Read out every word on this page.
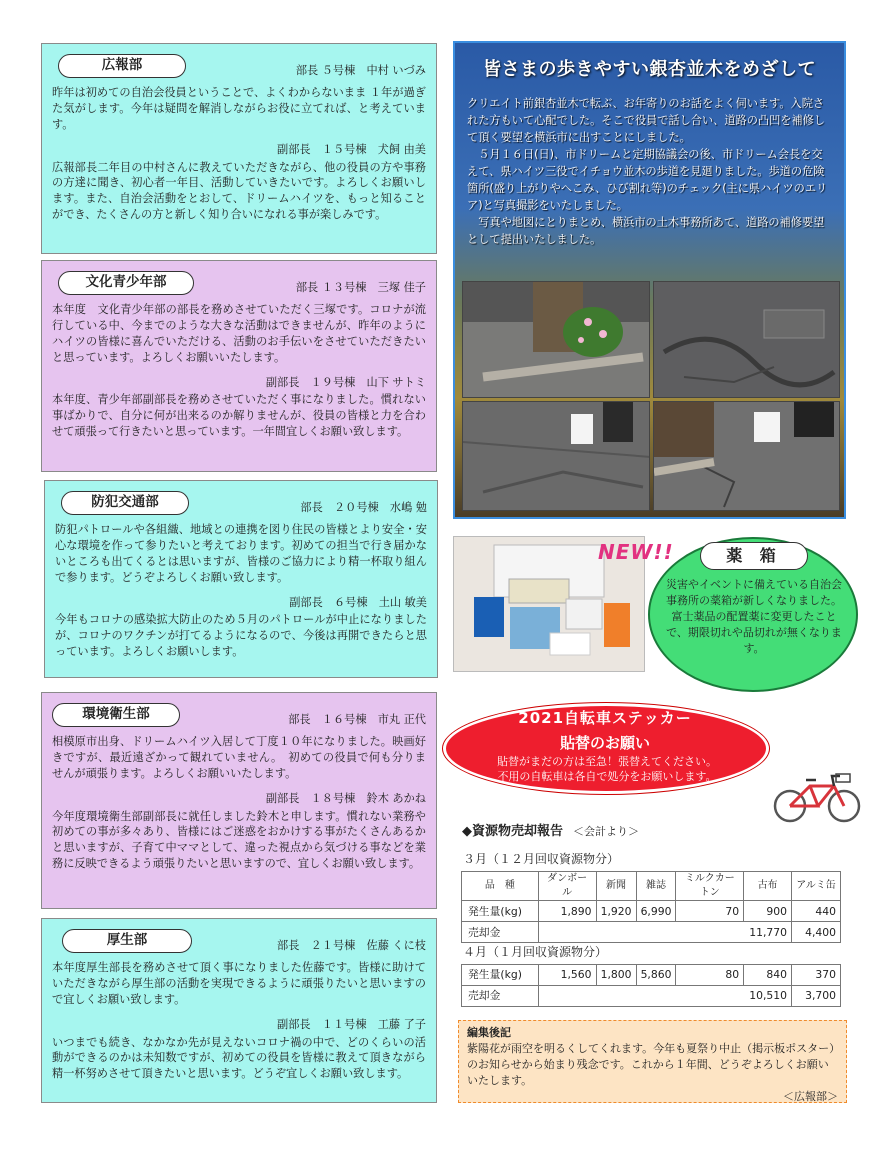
広報部	部長 ５号棟　中村 いづみ
昨年は初めての自治会役員ということで、よくわからないまま １年が過ぎた気がします。今年は疑問を解消しながらお役に立てれば、と考えています。
副部長　１５号棟　犬飼 由美
広報部長二年目の中村さんに教えていただきながら、他の役員の方や事務の方達に聞き、初心者一年目、活動していきたいです。よろしくお願いします。また、自治会活動をとおして、ドリームハイツを、もっと知ることができ、たくさんの方と新しく知り合いになれる事が楽しみです。
文化青少年部	部長 １３号棟　三塚 佳子
本年度　文化青少年部の部長を務めさせていただく三塚です。コロナが流行している中、今までのような大きな活動はできませんが、昨年のようにハイツの皆様に喜んでいただける、活動のお手伝いをさせていただきたいと思っています。よろしくお願いいたします。
副部長　１９号棟　山下 サトミ
本年度、青少年部副部長を務めさせていただく事になりました。慣れない事ばかりで、自分に何が出来るのか解りませんが、役員の皆様と力を合わせて頑張って行きたいと思っています。一年間宜しくお願い致します。
防犯交通部	部長　２０号棟　水嶋 勉
防犯パトロールや各組織、地域との連携を図り住民の皆様とより安全・安心な環境を作って参りたいと考えております。初めての担当で行き届かないところも出てくるとは思いますが、皆様のご協力により精一杯取り組んで参ります。どうぞよろしくお願い致します。
副部長　６号棟　土山 敏美
今年もコロナの感染拡大防止のため５月のパトロールが中止になりましたが、コロナのワクチンが打てるようになるので、今後は再開できたらと思っています。よろしくお願いします。
環境衛生部	部長　１６号棟　市丸 正代
相模原市出身、ドリームハイツ入居して丁度１０年になりました。映画好きですが、最近遠ざかって観れていません。　初めての役員で何も分りませんが頑張ります。よろしくお願いいたします。
副部長　１８号棟　鈴木 あかね
今年度環境衛生部副部長に就任しました鈴木と申します。慣れない業務や初めての事が多々あり、皆様にはご迷惑をおかけする事がたくさんあるかと思いますが、子育て中ママとして、違った視点から気づける事などを業務に反映できるよう頑張りたいと思いますので、宜しくお願い致します。
厚生部	部長　２１号棟　佐藤 くに枝
本年度厚生部長を務めさせて頂く事になりました佐藤です。皆様に助けていただきながら厚生部の活動を実現できるように頑張りたいと思いますので宜しくお願い致します。
副部長　１１号棟　工藤 了子
いつまでも続き、なかなか先が見えないコロナ禍の中で、どのくらいの活動ができるのかは未知数ですが、初めての役員を皆様に教えて頂きながら精一杯努めさせて頂きたいと思います。どうぞ宜しくお願い致します。
皆さまの歩きやすい銀杏並木をめざして

クリエイト前銀杏並木で転ぶ、お年寄りのお話をよく伺います。入院された方もいて心配でした。そこで役員で話し合い、道路の凸凹を補修して頂く要望を横浜市に出すことにしました。

　５月１６日(日)、市ドリームと定期協議会の後、市ドリーム会長を交えて、県ハイツ三役でイチョウ並木の歩道を見廻りました。歩道の危険箇所(盛り上がりやへこみ、ひび割れ等)のチェック(主に県ハイツのエリア)と写真撮影をいたしました。

　写真や地図にとりまとめ、横浜市の土木事務所あて、道路の補修要望として提出いたしました。

NEW!!	薬 箱
災害やイベントに備えている自治会事務所の薬箱が新しくなりました。富士薬品の配置薬に変更したことで、期限切れや品切れが無くなります。
2021自転車ステッカー
貼替のお願い
貼替がまだの方は至急！張替えてください。
不用の自転車は各自で処分をお願いします。
◆資源物売却報告 ＜会計より＞
３月（１２月回収資源物分）
品　種	ダンボール	新聞	雑誌	ミルクカートン	古布	アルミ缶
発生量(kg)	1,890	1,920	6,990	70	900	440
売却金	11,770					4,400
４月（１月回収資源物分）
発生量(kg)	1,560	1,800	5,860	80	840	370
売却金	10,510					3,700
編集後記
紫陽花が雨空を明るくしてくれます。今年も夏祭り中止（掲示板ポスター）のお知らせから始まり残念です。これから１年間、どうぞよろしくお願いいたします。
＜広報部＞
